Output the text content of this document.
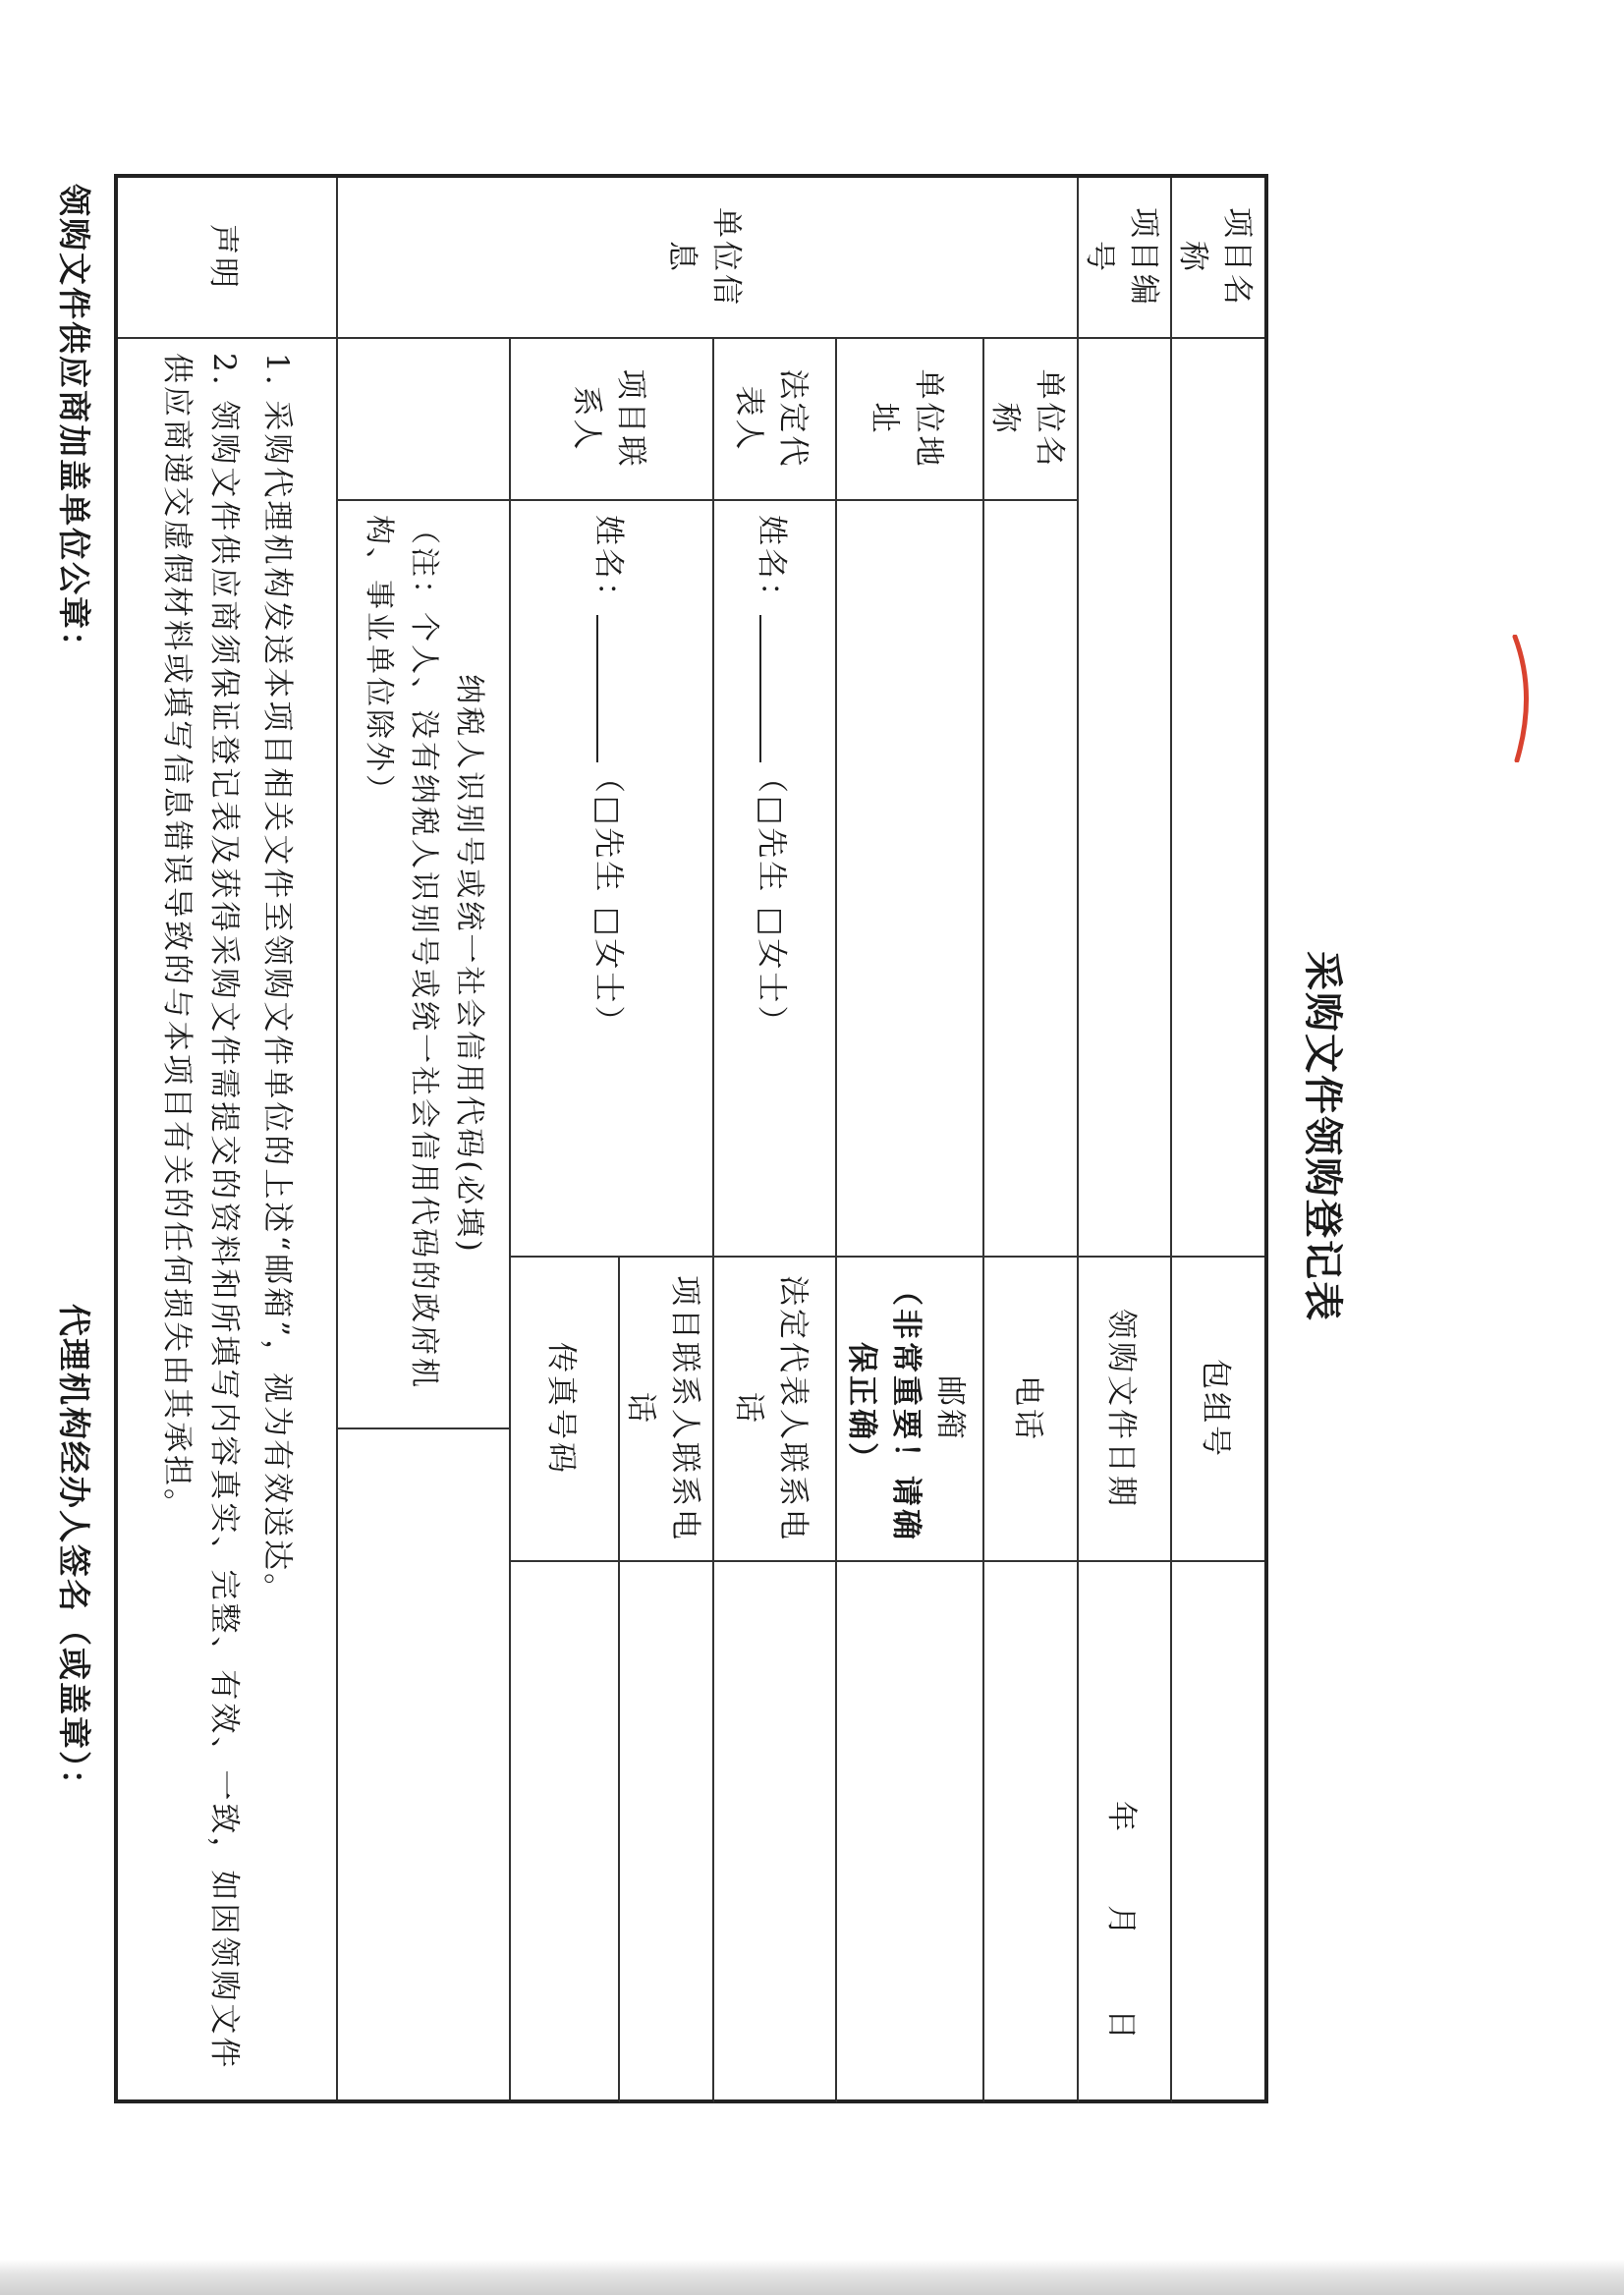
采购文件领购登记表
项目名称			包组号		
项目编号			领购文件日期		年　月　日
单位信息	单位名称		电话		
	单位地址		邮箱
（非常重要！请确保正确）		

	法定代表人	姓名：（□先生 □女士）	法定代表人联系电话		
	项目联系人	姓名：（□先生 □女士）	项目联系人联系电话		
			传真号码		

		纳税人识别号或统一社会信用代码(必填)
（注：个人、没有纳税人识别号或统一社会信用代码的政府机构、事业单位除外）			

声明	1. 采购代理机构发送本项目相关文件至领购文件单位的上述“邮箱”，视为有效送达。

2. 领购文件供应商须保证登记表及获得采购文件需提交的资料和所填写内容真实、完整、有效、一致，如因领购文件供应商递交虚假材料或填写信息错误导致的与本项目有关的任何损失由其承担。				

领购文件供应商加盖单位公章：
代理机构经办人签名（或盖章）：
